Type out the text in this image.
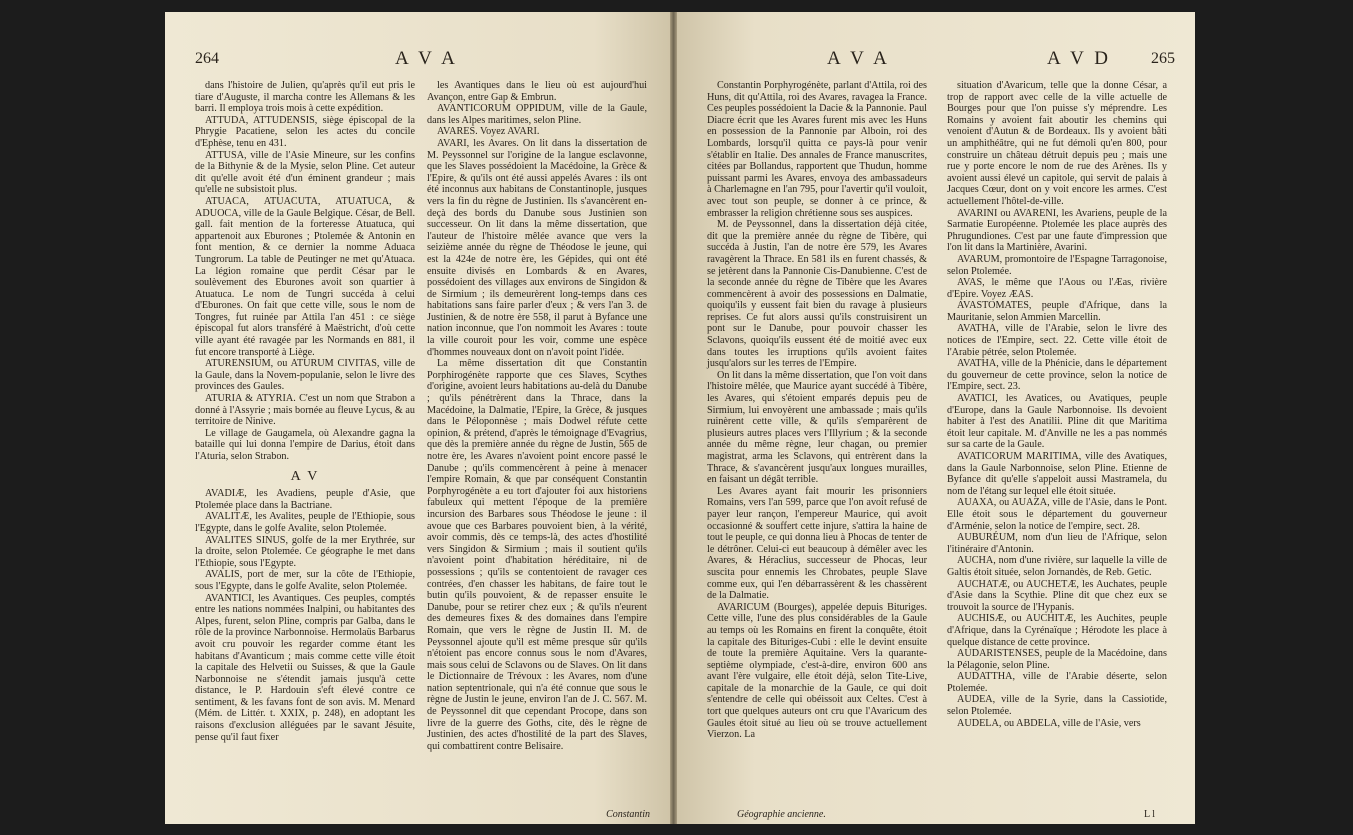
264	A V A

dans l'histoire de Julien, qu'après qu'il eut pris le tiare d'Auguste, il marcha contre les Allemans & les barri. Il employa trois mois à cette expédition.

ATTUDA, ATTUDENSIS, siège épiscopal de la Phrygie Pacatiene, selon les actes du concile d'Ephèse, tenu en 431.

ATTUSA, ville de l'Asie Mineure, sur les confins de la Bithynie & de la Mysie, selon Pline. Cet auteur dit qu'elle avoit été d'un éminent grandeur ; mais qu'elle ne subsistoit plus.

ATUACA, ATUACUTA, ATUATUCA, & ADUOCA, ville de la Gaule Belgique. César, de Bell. gall. fait mention de la forteresse Atuatuca, qui appartenoit aux Eburones ; Ptolemée & Antonin en font mention, & ce dernier la nomme Aduaca Tungrorum. La table de Peutinger ne met qu'Atuaca. La légion romaine que perdit César par le soulèvement des Eburones avoit son quartier à Atuatuca. Le nom de Tungri succéda à celui d'Eburones. On fait que cette ville, sous le nom de Tongres, fut ruinée par Attila l'an 451 : ce siège épiscopal fut alors transféré à Maëstricht, d'où cette ville ayant été ravagée par les Normands en 881, il fut encore transporté à Liège.

ATURENSIUM, ou ATURUM CIVITAS, ville de la Gaule, dans la Novem-populanie, selon le livre des provinces des Gaules.

ATURIA & ATYRIA. C'est un nom que Strabon a donné à l'Assyrie ; mais bornée au fleuve Lycus, & au territoire de Ninive.

Le village de Gaugamela, où Alexandre gagna la bataille qui lui donna l'empire de Darius, étoit dans l'Aturia, selon Strabon.

A V

AVADIÆ, les Avadiens, peuple d'Asie, que Ptolemée place dans la Bactriane.

AVALITÆ, les Avalites, peuple de l'Ethiopie, sous l'Egypte, dans le golfe Avalite, selon Ptolemée.

AVALITES SINUS, golfe de la mer Erythrée, sur la droite, selon Ptolemée. Ce géographe le met dans l'Ethiopie, sous l'Egypte.

AVALIS, port de mer, sur la côte de l'Ethiopie, sous l'Egypte, dans le golfe Avalite, selon Ptolemée.

AVANTICI, les Avantiques. Ces peuples, comptés entre les nations nommées Inalpini, ou habitantes des Alpes, furent, selon Pline, compris par Galba, dans le rôle de la province Narbonnoise. Hermolaüs Barbarus avoit cru pouvoir les regarder comme étant les habitans d'Avanticum ; mais comme cette ville étoit la capitale des Helvetii ou Suisses, & que la Gaule Narbonnoise ne s'étendit jamais jusqu'à cette distance, le P. Hardouin s'eft élevé contre ce sentiment, & les favans font de son avis. M. Menard (Mém. de Littér. t. XXIX, p. 248), en adoptant les raisons d'exclusion alléguées par le savant Jésuite, pense qu'il faut fixer

les Avantiques dans le lieu où est aujourd'hui Avançon, entre Gap & Embrun.

AVANTICORUM OPPIDUM, ville de la Gaule, dans les Alpes maritimes, selon Pline.

AVARES. Voyez AVARI.

AVARI, les Avares. On lit dans la dissertation de M. Peyssonnel sur l'origine de la langue esclavonne, que les Slaves possédoient la Macédoine, la Grèce & l'Epire, & qu'ils ont été aussi appelés Avares : ils ont été inconnus aux habitans de Constantinople, jusques vers la fin du règne de Justinien. Ils s'avancèrent en-deçà des bords du Danube sous Justinien son successeur. On lit dans la même dissertation, que l'auteur de l'histoire mêlée avance que vers la seizième année du règne de Théodose le jeune, qui est la 424e de notre ère, les Gépides, qui ont été ensuite divisés en Lombards & en Avares, possédoient des villages aux environs de Singidon & de Sirmium ; ils demeurèrent long-temps dans ces habitations sans faire parler d'eux ; & vers l'an 3. de Justinien, & de notre ère 558, il parut à Byfance une nation inconnue, que l'on nommoit les Avares : toute la ville couroit pour les voir, comme une espèce d'hommes nouveaux dont on n'avoit point l'idée.

La même dissertation dit que Constantin Porphirogénète rapporte que ces Slaves, Scythes d'origine, avoient leurs habitations au-delà du Danube ; qu'ils pénétrèrent dans la Thrace, dans la Macédoine, la Dalmatie, l'Epire, la Grèce, & jusques dans le Péloponnèse ; mais Dodwel réfute cette opinion, & prétend, d'après le témoignage d'Evagrius, que dès la première année du règne de Justin, 565 de notre ère, les Avares n'avoient point encore passé le Danube ; qu'ils commencèrent à peine à menacer l'empire Romain, & que par conséquent Constantin Porphyrogénète a eu tort d'ajouter foi aux historiens fabuleux qui mettent l'époque de la première incursion des Barbares sous Théodose le jeune : il avoue que ces Barbares pouvoient bien, à la vérité, avoir commis, dès ce temps-là, des actes d'hostilité vers Singidon & Sirmium ; mais il soutient qu'ils n'avoient point d'habitation héréditaire, ni de possessions ; qu'ils se contentoient de ravager ces contrées, d'en chasser les habitans, de faire tout le butin qu'ils pouvoient, & de repasser ensuite le Danube, pour se retirer chez eux ; & qu'ils n'eurent des demeures fixes & des domaines dans l'empire Romain, que vers le règne de Justin II. M. de Peyssonnel ajoute qu'il est même presque sûr qu'ils n'étoient pas encore connus sous le nom d'Avares, mais sous celui de Sclavons ou de Slaves. On lit dans le Dictionnaire de Trévoux : les Avares, nom d'une nation septentrionale, qui n'a été connue que sous le règne de Justin le jeune, environ l'an de J. C. 567. M. de Peyssonnel dit que cependant Procope, dans son livre de la guerre des Goths, cite, dès le règne de Justinien, des actes d'hostilité de la part des Slaves, qui combattirent contre Belisaire.

Constantin
A V A	A V D	265

Constantin Porphyrogénète, parlant d'Attila, roi des Huns, dit qu'Attila, roi des Avares, ravagea la France. Ces peuples possédoient la Dacie & la Pannonie. Paul Diacre écrit que les Avares furent mis avec les Huns en possession de la Pannonie par Alboin, roi des Lombards, lorsqu'il quitta ce pays-là pour venir s'établir en Italie. Des annales de France manuscrites, citées par Bollandus, rapportent que Thudun, homme puissant parmi les Avares, envoya des ambassadeurs à Charlemagne en l'an 795, pour l'avertir qu'il vouloit, avec tout son peuple, se donner à ce prince, & embrasser la religion chrétienne sous ses auspices.

M. de Peyssonnel, dans la dissertation déjà citée, dit que la première année du règne de Tibère, qui succéda à Justin, l'an de notre ère 579, les Avares ravagèrent la Thrace. En 581 ils en furent chassés, & se jetèrent dans la Pannonie Cis-Danubienne. C'est de la seconde année du règne de Tibère que les Avares commencèrent à avoir des possessions en Dalmatie, quoiqu'ils y eussent fait bien du ravage à plusieurs reprises. Ce fut alors aussi qu'ils construisirent un pont sur le Danube, pour pouvoir chasser les Sclavons, quoiqu'ils eussent été de moitié avec eux dans toutes les irruptions qu'ils avoient faites jusqu'alors sur les terres de l'Empire.

On lit dans la même dissertation, que l'on voit dans l'histoire mêlée, que Maurice ayant succédé à Tibère, les Avares, qui s'étoient emparés depuis peu de Sirmium, lui envoyèrent une ambassade ; mais qu'ils ruinèrent cette ville, & qu'ils s'emparèrent de plusieurs autres places vers l'Illyrium ; & la seconde année du même règne, leur chagan, ou premier magistrat, arma les Sclavons, qui entrèrent dans la Thrace, & s'avancèrent jusqu'aux longues murailles, en faisant un dégât terrible.

Les Avares ayant fait mourir les prisonniers Romains, vers l'an 599, parce que l'on avoit refusé de payer leur rançon, l'empereur Maurice, qui avoit occasionné & souffert cette injure, s'attira la haine de tout le peuple, ce qui donna lieu à Phocas de tenter de le détrôner. Celui-ci eut beaucoup à démêler avec les Avares, & Héraclius, successeur de Phocas, leur suscita pour ennemis les Chrobates, peuple Slave comme eux, qui l'en débarrassèrent & les chassèrent de la Dalmatie.

AVARICUM (Bourges), appelée depuis Bituriges. Cette ville, l'une des plus considérables de la Gaule au temps où les Romains en firent la conquête, étoit la capitale des Bituriges-Cubi : elle le devint ensuite de toute la première Aquitaine. Vers la quarante-septième olympiade, c'est-à-dire, environ 600 ans avant l'ère vulgaire, elle étoit déjà, selon Tite-Live, capitale de la monarchie de la Gaule, ce qui doit s'entendre de celle qui obéissoit aux Celtes. C'est à tort que quelques auteurs ont cru que l'Avaricum des Gaules étoit situé au lieu où se trouve actuellement Vierzon. La

situation d'Avaricum, telle que la donne César, a trop de rapport avec celle de la ville actuelle de Bourges pour que l'on puisse s'y méprendre. Les Romains y avoient fait aboutir les chemins qui venoient d'Autun & de Bordeaux. Ils y avoient bâti un amphithéâtre, qui ne fut démoli qu'en 800, pour construire un château détruit depuis peu ; mais une rue y porte encore le nom de rue des Arènes. Ils y avoient aussi élevé un capitole, qui servit de palais à Jacques Cœur, dont on y voit encore les armes. C'est actuellement l'hôtel-de-ville.

AVARINI ou AVARENI, les Avariens, peuple de la Sarmatie Européenne. Ptolemée les place auprès des Phrugundiones. C'est par une faute d'impression que l'on lit dans la Martinière, Avarini.

AVARUM, promontoire de l'Espagne Tarragonoise, selon Ptolemée.

AVAS, le même que l'Aous ou l'Æas, rivière d'Epire. Voyez ÆAS.

AVASTOMATES, peuple d'Afrique, dans la Mauritanie, selon Ammien Marcellin.

AVATHA, ville de l'Arabie, selon le livre des notices de l'Empire, sect. 22. Cette ville étoit de l'Arabie pétrée, selon Ptolemée.

AVATHA, ville de la Phénicie, dans le département du gouverneur de cette province, selon la notice de l'Empire, sect. 23.

AVATICI, les Avatices, ou Avatiques, peuple d'Europe, dans la Gaule Narbonnoise. Ils devoient habiter à l'est des Anatilii. Pline dit que Maritima étoit leur capitale. M. d'Anville ne les a pas nommés sur sa carte de la Gaule.

AVATICORUM MARITIMA, ville des Avatiques, dans la Gaule Narbonnoise, selon Pline. Etienne de Byfance dit qu'elle s'appeloit aussi Mastramela, du nom de l'étang sur lequel elle étoit située.

AUAXA, ou AUAZA, ville de l'Asie, dans le Pont. Elle étoit sous le département du gouverneur d'Arménie, selon la notice de l'empire, sect. 28.

AUBURÉUM, nom d'un lieu de l'Afrique, selon l'itinéraire d'Antonin.

AUCHA, nom d'une rivière, sur laquelle la ville de Galtis étoit située, selon Jornandès, de Reb. Getic.

AUCHATÆ, ou AUCHETÆ, les Auchates, peuple d'Asie dans la Scythie. Pline dit que chez eux se trouvoit la source de l'Hypanis.

AUCHISÆ, ou AUCHITÆ, les Auchites, peuple d'Afrique, dans la Cyrénaïque ; Hérodote les place à quelque distance de cette province.

AUDARISTENSES, peuple de la Macédoine, dans la Pélagonie, selon Pline.

AUDATTHA, ville de l'Arabie déserte, selon Ptolemée.

AUDEA, ville de la Syrie, dans la Cassiotide, selon Ptolemée.

AUDELA, ou ABDELA, ville de l'Asie, vers

Géographie ancienne.	L l
